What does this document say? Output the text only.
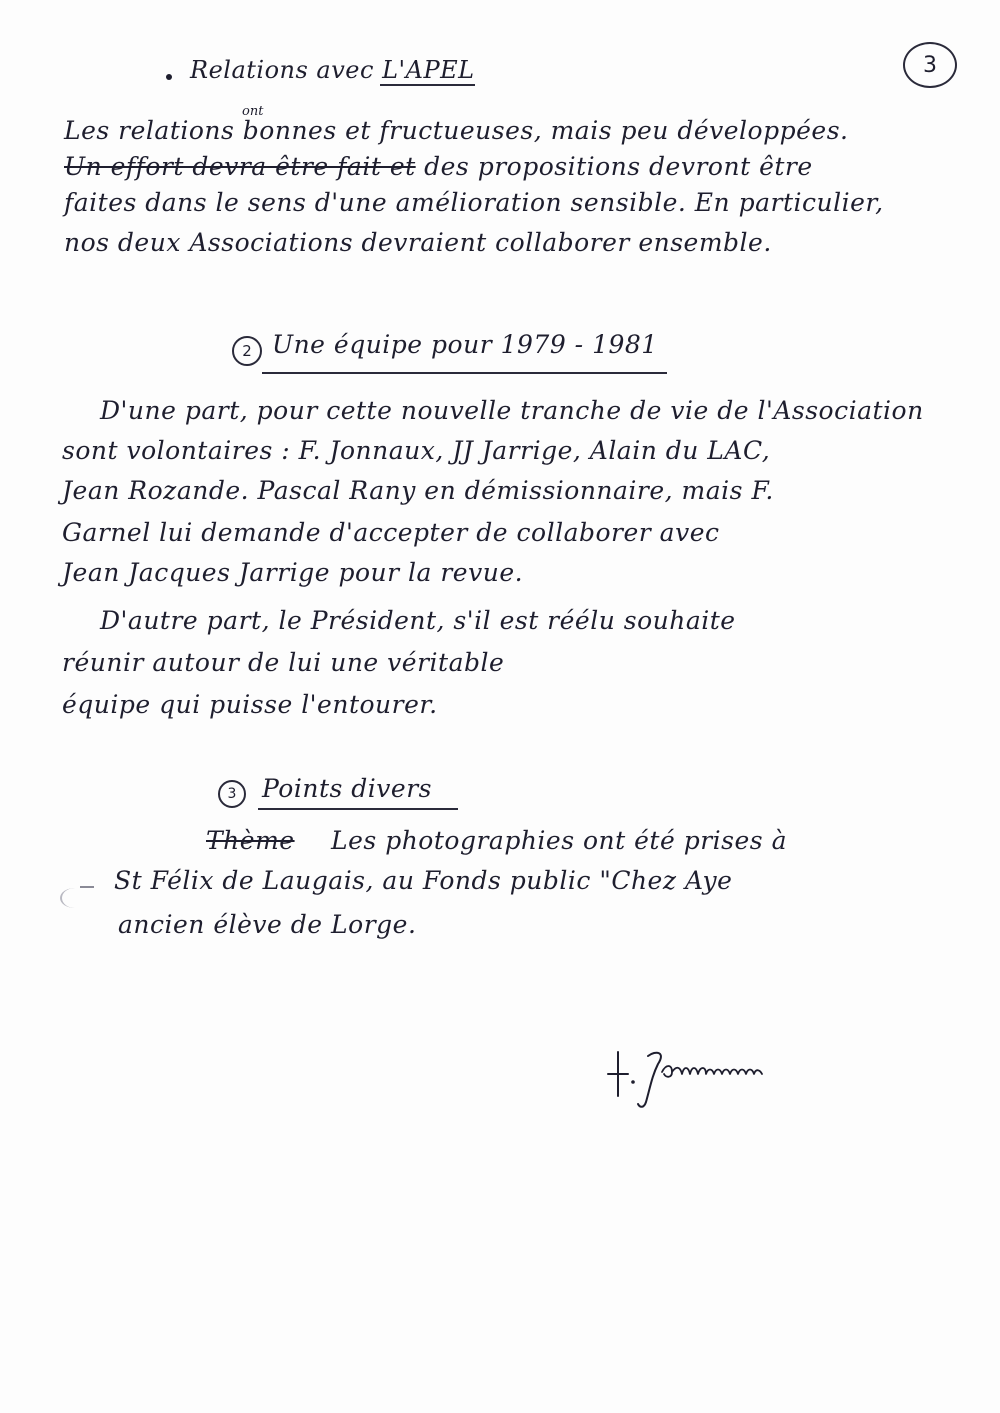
3
Relations avec L'APEL
ont
Les relations bonnes et fructueuses, mais peu développées.
Un effort devra être fait et des propositions devront être
faites dans le sens d'une amélioration sensible. En particulier,
nos deux Associations devraient collaborer ensemble.
2 Une équipe pour 1979 - 1981
D'une part, pour cette nouvelle tranche de vie de l'Association
sont volontaires : F. Jonnaux, JJ Jarrige, Alain du LAC,
Jean Rozande. Pascal Rany en démissionnaire, mais F.
Garnel lui demande d'accepter de collaborer avec
Jean Jacques Jarrige pour la revue.
D'autre part, le Président, s'il est réélu souhaite
réunir autour de lui une véritable
équipe qui puisse l'entourer.
3 Points divers
Thème Les photographies ont été prises à
St Félix de Laugais, au Fonds public "Chez Aye
ancien élève de Lorge.
